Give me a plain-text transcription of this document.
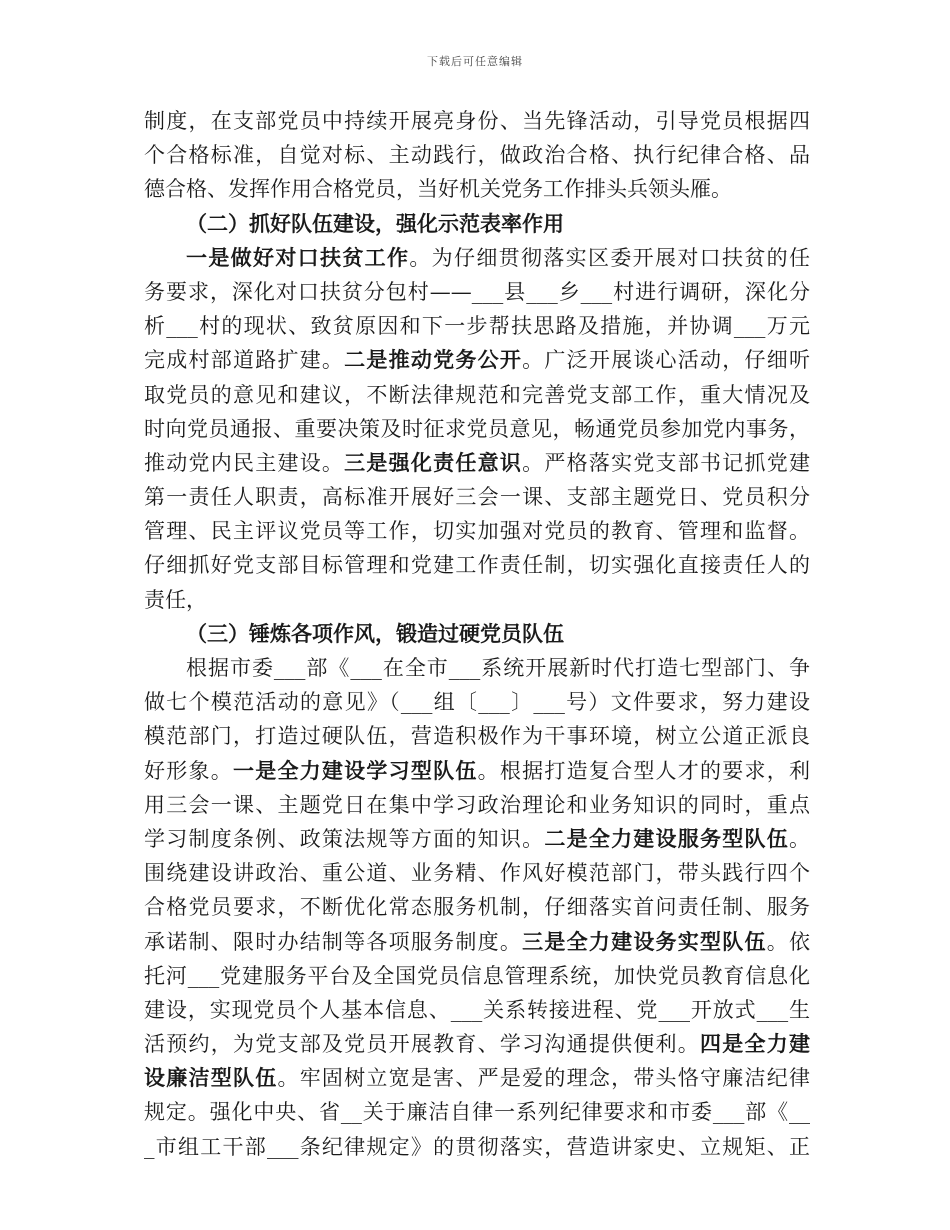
下载后可任意编辑
制度，在支部党员中持续开展亮身份、当先锋活动，引导党员根据四
个合格标准，自觉对标、主动践行，做政治合格、执行纪律合格、品
德合格、发挥作用合格党员，当好机关党务工作排头兵领头雁。
（二）抓好队伍建设，强化示范表率作用
一是做好对口扶贫工作。为仔细贯彻落实区委开展对口扶贫的任
务要求，深化对口扶贫分包村——___县___乡___村进行调研，深化分
析___村的现状、致贫原因和下一步帮扶思路及措施，并协调___万元
完成村部道路扩建。二是推动党务公开。广泛开展谈心活动，仔细听
取党员的意见和建议，不断法律规范和完善党支部工作，重大情况及
时向党员通报、重要决策及时征求党员意见，畅通党员参加党内事务，
推动党内民主建设。三是强化责任意识。严格落实党支部书记抓党建
第一责任人职责，高标准开展好三会一课、支部主题党日、党员积分
管理、民主评议党员等工作，切实加强对党员的教育、管理和监督。
仔细抓好党支部目标管理和党建工作责任制，切实强化直接责任人的
责任，
（三）锤炼各项作风，锻造过硬党员队伍
根据市委___部《___在全市___系统开展新时代打造七型部门、争
做七个模范活动的意见》（___组〔___〕___号）文件要求，努力建设
模范部门，打造过硬队伍，营造积极作为干事环境，树立公道正派良
好形象。一是全力建设学习型队伍。根据打造复合型人才的要求，利
用三会一课、主题党日在集中学习政治理论和业务知识的同时，重点
学习制度条例、政策法规等方面的知识。二是全力建设服务型队伍。
围绕建设讲政治、重公道、业务精、作风好模范部门，带头践行四个
合格党员要求，不断优化常态服务机制，仔细落实首问责任制、服务
承诺制、限时办结制等各项服务制度。三是全力建设务实型队伍。依
托河___党建服务平台及全国党员信息管理系统，加快党员教育信息化
建设，实现党员个人基本信息、___关系转接进程、党___开放式___生
活预约，为党支部及党员开展教育、学习沟通提供便利。四是全力建
设廉洁型队伍。牢固树立宽是害、严是爱的理念，带头恪守廉洁纪律
规定。强化中央、省__关于廉洁自律一系列纪律要求和市委___部《__
_市组工干部___条纪律规定》的贯彻落实，营造讲家史、立规矩、正
